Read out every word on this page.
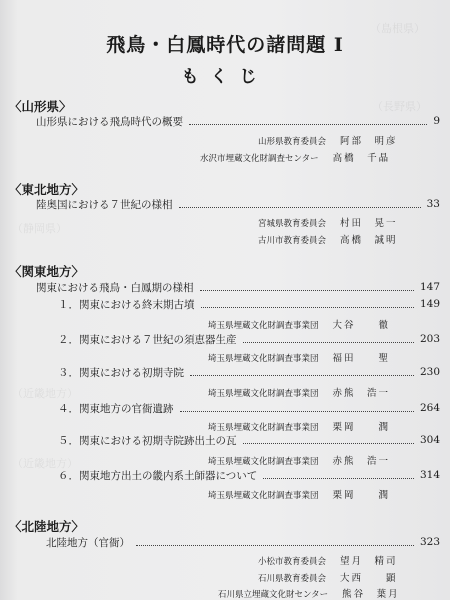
（島根県）
（長野県）
（静岡県）
（近畿地方）
（近畿地方）
飛鳥・白鳳時代の諸問題 I
もくじ
〈山形県〉
山形県における飛鳥時代の概要	9
山形県教育委員会 阿部　明彦
水沢市埋蔵文化財調査センター 高橋　千晶
〈東北地方〉
陸奥国における７世紀の様相	33
宮城県教育委員会 村田　晃一
古川市教育委員会 高橋　誠明
〈関東地方〉
関東における飛鳥・白鳳期の様相	147
１．関東における終末期古墳	149
埼玉県埋蔵文化財調査事業団 大谷　　徹
２．関東における７世紀の須恵器生産	203
埼玉県埋蔵文化財調査事業団 福田　　聖
３．関東における初期寺院	230
埼玉県埋蔵文化財調査事業団 赤熊　浩一
４．関東地方の官衙遺跡	264
埼玉県埋蔵文化財調査事業団 栗岡　　潤
５．関東における初期寺院跡出土の瓦	304
埼玉県埋蔵文化財調査事業団 赤熊　浩一
６．関東地方出土の畿内系土師器について	314
埼玉県埋蔵文化財調査事業団 栗岡　　潤
〈北陸地方〉
北陸地方（官衙）	323
小松市教育委員会 望月　精司
石川県教育委員会 大西　　顕
石川県立埋蔵文化財センター 熊谷　葉月
